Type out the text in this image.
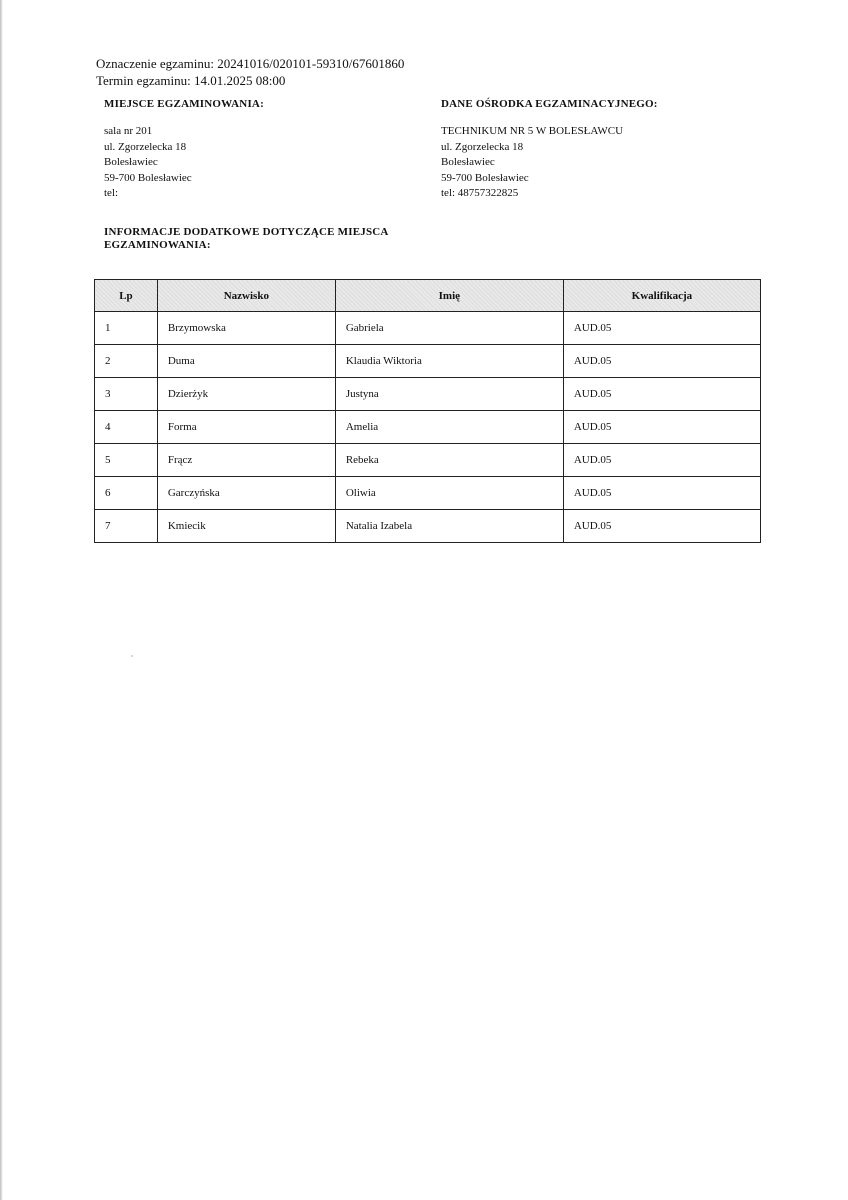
Oznaczenie egzaminu: 20241016/020101-59310/67601860
Termin egzaminu: 14.01.2025 08:00
MIEJSCE EGZAMINOWANIA:	DANE OŚRODKA EGZAMINACYJNEGO:
sala nr 201
ul. Zgorzelecka 18
Bolesławiec
59-700 Bolesławiec
tel:
TECHNIKUM NR 5 W BOLESŁAWCU
ul. Zgorzelecka 18
Bolesławiec
59-700 Bolesławiec
tel: 48757322825
INFORMACJE DODATKOWE DOTYCZĄCE MIEJSCA EGZAMINOWANIA:
Lp	Nazwisko	Imię	Kwalifikacja
1	Brzymowska	Gabriela	AUD.05
2	Duma	Klaudia Wiktoria	AUD.05
3	Dzierżyk	Justyna	AUD.05
4	Forma	Amelia	AUD.05
5	Frącz	Rebeka	AUD.05
6	Garczyńska	Oliwia	AUD.05
7	Kmiecik	Natalia Izabela	AUD.05
